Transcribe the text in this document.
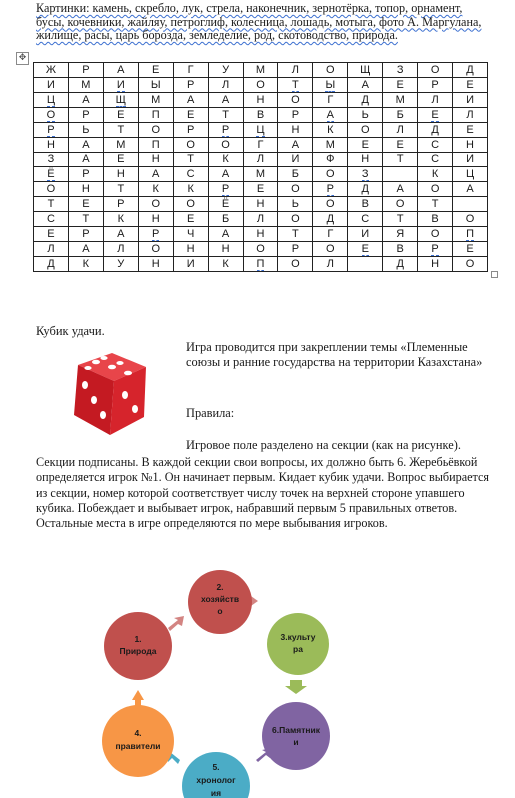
Картинки: камень, скребло, лук, стрела, наконечник, зернотёрка, топор, орнамент, бусы, кочевники, жайляу, петроглиф, колесница, лошадь, мотыга, фото А. Маргулана, жилище, расы, царь борозда, земледелие, род, скотоводство, природа.
✥
Ж	Р	А	Е	Г	У	М	Л	О	Щ	З	О	Д
И	М	И	Ы	Р	Л	О	Т	Ы	А	Е	Р	Е
Ц	А	Щ	М	А	А	Н	О	Г	Д	М	Л	И
О	Р	Е	П	Е	Т	В	Р	А	Ь	Б	Е	Л
Р	Ь	Т	О	Р	Р	Ц	Н	К	О	Л	Д	Е
Н	А	М	П	О	О	Г	А	М	Е	Е	С	Н
З	А	Е	Н	Т	К	Л	И	Ф	Н	Т	С	И
Ё	Р	Н	А	С	А	М	Б	О	З		К	Ц
О	Н	Т	К	К	Р	Е	О	Р	Д	А	О	А
Т	Е	Р	О	О	Ё	Н	Ь	О	В	О	Т	
С	Т	К	Н	Е	Б	Л	О	Д	С	Т	В	О
Е	Р	А	Р	Ч	А	Н	Т	Г	И	Я	О	П
Л	А	Л	О	Н	Н	О	Р	О	Е	В	Р	Е
Д	К	У	Н	И	К	П	О	Л		Д	Н	О
Кубик удачи.
Игра проводится при закреплении темы «Племенные союзы и ранние государства на территории Казахстана»
Правила:
Игровое поле разделено на секции (как на рисунке).
Секции подписаны. В каждой секции свои вопросы, их должно быть 6. Жеребьёвкой определяется игрок №1. Он начинает первым. Кидает кубик удачи. Вопрос выбирается из секции, номер которой соответствует числу точек на верхней стороне упавшего кубика. Побеждает и выбывает игрок, набравший первым 5 правильных ответов. Остальные места в игре определяются по мере выбывания игроков.
2.
хозяйств
о
3.культу
ра
6.Памятник
и
5.
хронолог
ия
4.
правители
1.
Природа
